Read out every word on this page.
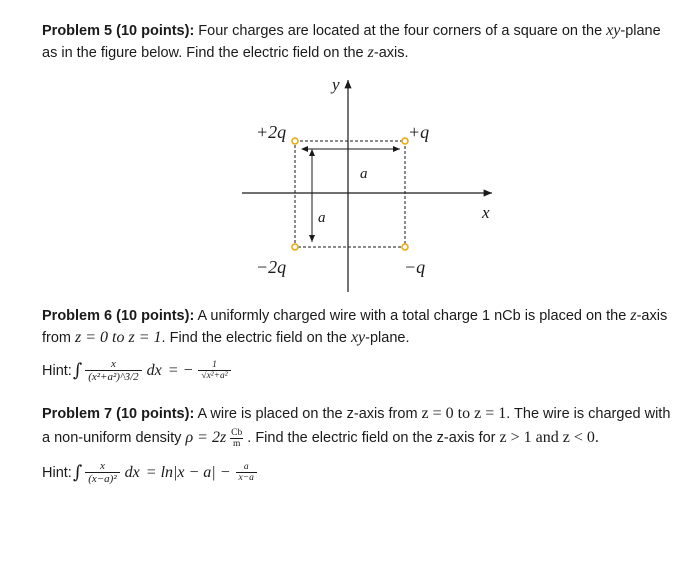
Problem 5 (10 points): Four charges are located at the four corners of a square on the xy-plane as in the figure below. Find the electric field on the z-axis.

x
y
a
a
+2q	+q
−2q	−q

Problem 6 (10 points): A uniformly charged wire with a total charge 1 nCb is placed on the z-axis from z = 0 to z = 1. Find the electric field on the xy-plane.

Hint: ∫ $\frac{x}{\text{(x²+a²)\textasciicircum{}3/2}}$ dx = − $\frac{1}{\text{√x²+a²}}$

Problem 7 (10 points): A wire is placed on the z-axis from z = 0 to z = 1. The wire is charged with a non-uniform density $\rho = 2z \frac{Cb}{m}$ . Find the electric field on the z-axis for z > 1 and z < 0.

Hint: ∫ $\frac{x}{\text{(x−a)²}}$ dx = $\ln|x - a| - \frac{a}{x-a}$
